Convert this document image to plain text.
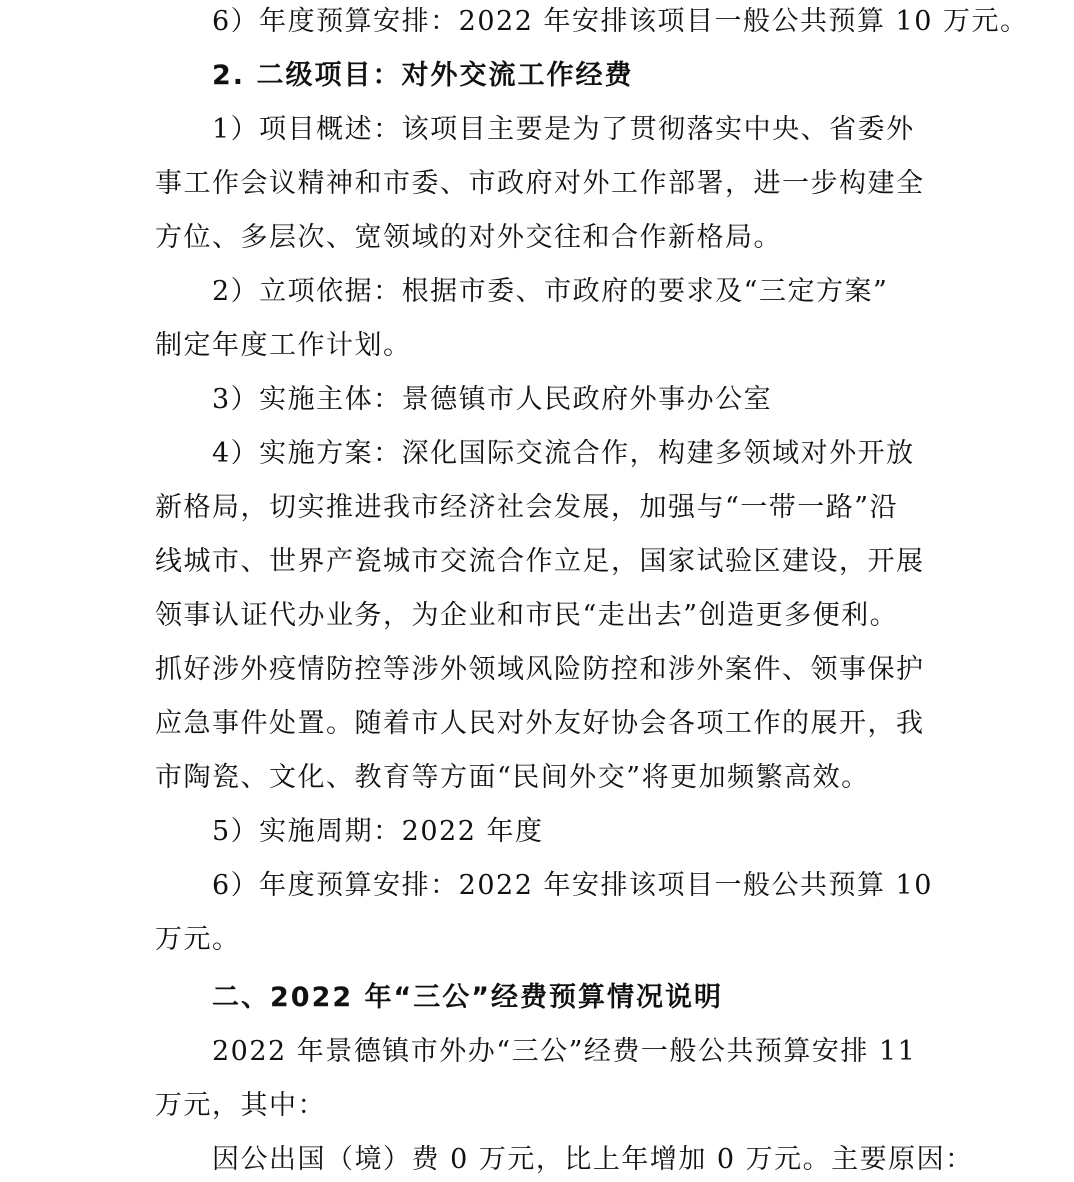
6）年度预算安排：2022 年安排该项目一般公共预算 10 万元。
2. 二级项目：对外交流工作经费
1）项目概述：该项目主要是为了贯彻落实中央、省委外
事工作会议精神和市委、市政府对外工作部署，进一步构建全
方位、多层次、宽领域的对外交往和合作新格局。
2）立项依据：根据市委、市政府的要求及“三定方案”
制定年度工作计划。
3）实施主体：景德镇市人民政府外事办公室
4）实施方案：深化国际交流合作，构建多领域对外开放
新格局，切实推进我市经济社会发展，加强与“一带一路”沿
线城市、世界产瓷城市交流合作立足，国家试验区建设，开展
领事认证代办业务，为企业和市民“走出去”创造更多便利。
抓好涉外疫情防控等涉外领域风险防控和涉外案件、领事保护
应急事件处置。随着市人民对外友好协会各项工作的展开，我
市陶瓷、文化、教育等方面“民间外交”将更加频繁高效。
5）实施周期：2022 年度
6）年度预算安排：2022 年安排该项目一般公共预算 10
万元。
二、2022 年“三公”经费预算情况说明
2022 年景德镇市外办“三公”经费一般公共预算安排 11
万元，其中：
因公出国（境）费 0 万元，比上年增加 0 万元。主要原因：
